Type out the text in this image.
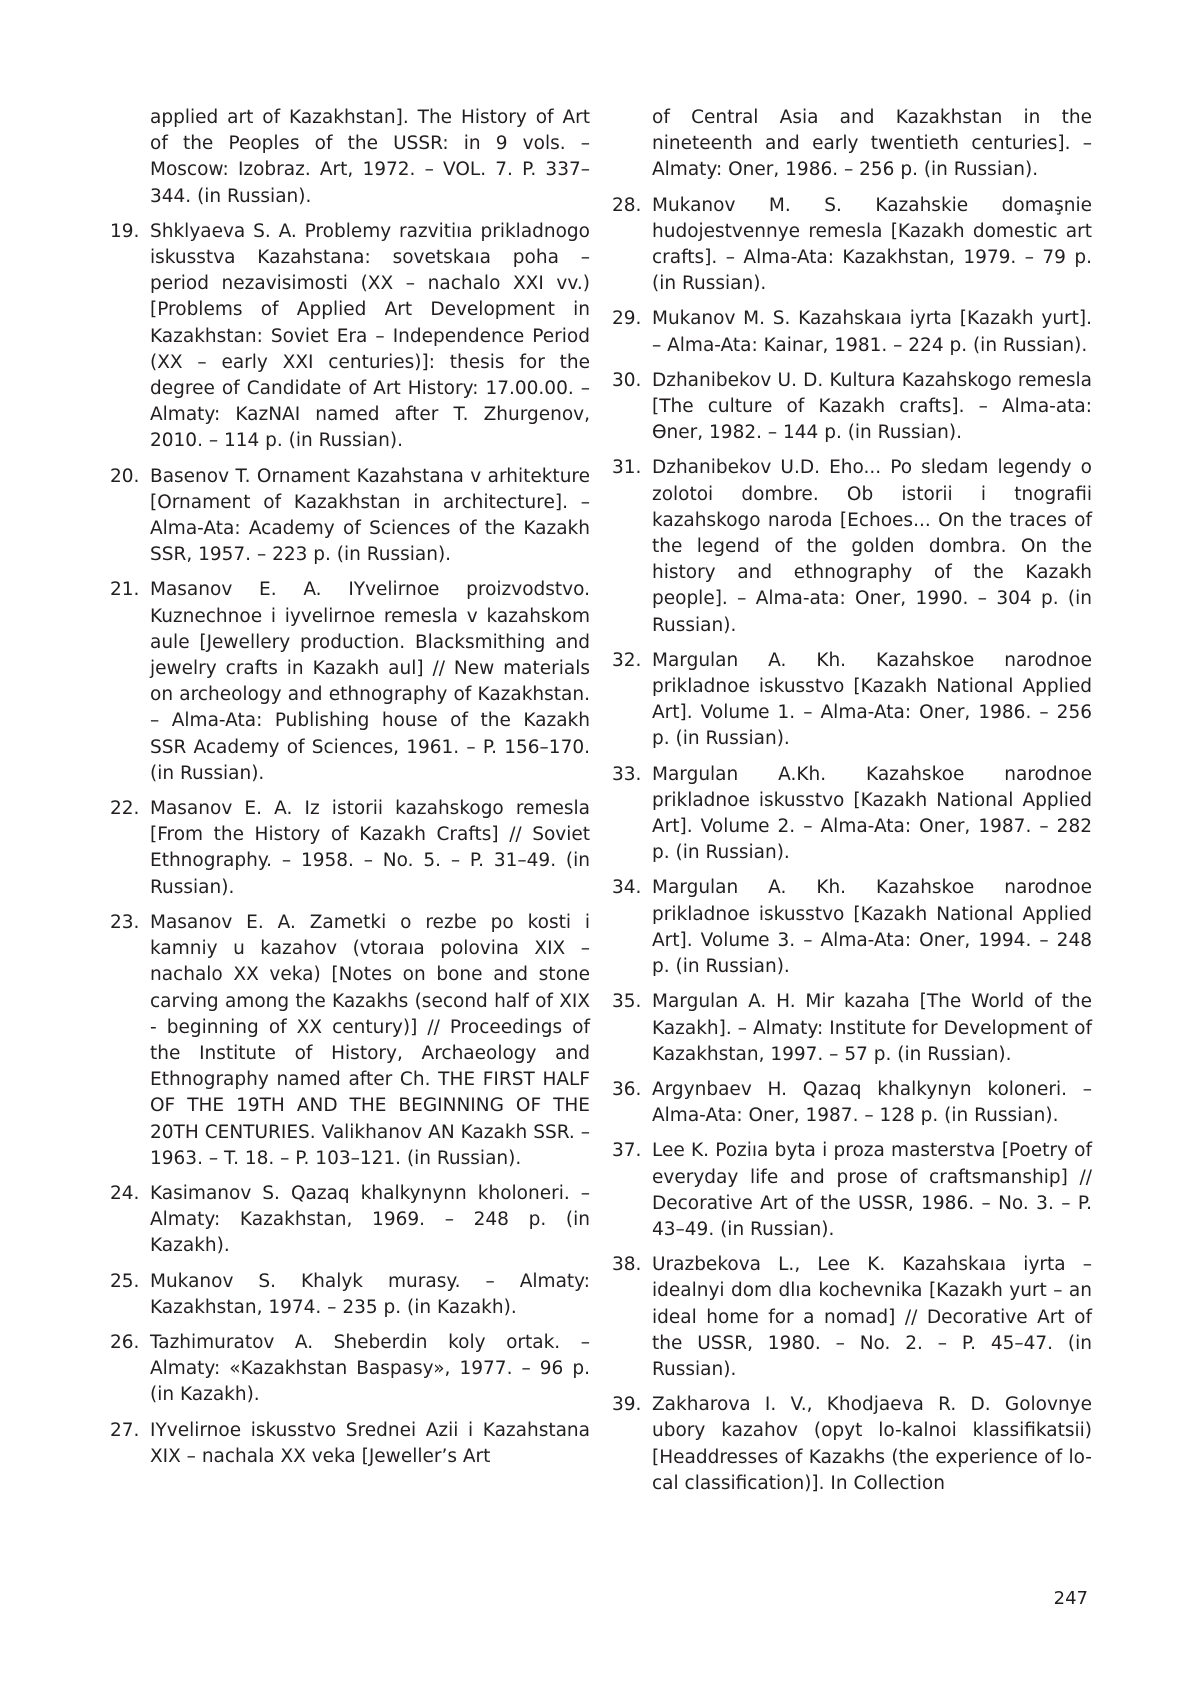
applied art of Kazakhstan]. The History of Art of the Peoples of the USSR: in 9 vols. – Moscow: Izobraz. Art, 1972. – VOL. 7. P. 337–344. (in Russian).
19. Shklyaeva S. A. Problemy razvitiıa prikladnogo iskusstva Kazahstana: sovetskaıa poha – period nezavisimosti (XX – nachalo XXI vv.) [Problems of Applied Art Development in Kazakhstan: Soviet Era – Independence Period (XX – early XXI centuries)]: thesis for the degree of Candidate of Art History: 17.00.00. – Almaty: KazNAI named after T. Zhurgenov, 2010. – 114 p. (in Russian).
20. Basenov T. Ornament Kazahstana v arhitekture [Ornament of Kazakhstan in architecture]. – Alma-Ata: Academy of Sciences of the Kazakh SSR, 1957. – 223 p. (in Russian).
21. Masanov E. A. IYvelirnoe proizvodstvo. Kuznechnoe i iyvelirnoe remesla v kazahskom aule [Jewellery production. Blacksmithing and jewelry crafts in Kazakh aul] // New materials on archeology and ethnography of Kazakhstan. – Alma-Ata: Publishing house of the Kazakh SSR Academy of Sciences, 1961. – P. 156–170. (in Russian).
22. Masanov E. A. Iz istorii kazahskogo remesla [From the History of Kazakh Crafts] // Soviet Ethnography. – 1958. – No. 5. – P. 31–49. (in Russian).
23. Masanov E. A. Zametki o rezbe po kosti i kamniy u kazahov (vtoraıa polovina XIX – nachalo XX veka) [Notes on bone and stone carving among the Kazakhs (second half of XIX - beginning of XX century)] // Proceedings of the Institute of History, Archaeology and Ethnography named after Ch. THE FIRST HALF OF THE 19TH AND THE BEGINNING OF THE 20TH CENTURIES. Valikhanov AN Kazakh SSR. – 1963. – T. 18. – P. 103–121. (in Russian).
24. Kasimanov S. Qazaq khalkynynn kholoneri. – Almaty: Kazakhstan, 1969. – 248 p. (in Kazakh).
25. Mukanov S. Khalyk murasy. – Almaty: Kazakhstan, 1974. – 235 p. (in Kazakh).
26. Tazhimuratov A. Sheberdin koly ortak. – Almaty: «Kazakhstan Baspasy», 1977. – 96 p. (in Kazakh).
27. IYvelirnoe iskusstvo Srednei Azii i Kazahstana XIX – nachala XX veka [Jeweller’s Art
of Central Asia and Kazakhstan in the nineteenth and early twentieth centuries]. – Almaty: Oner, 1986. – 256 p. (in Russian).
28. Mukanov M. S. Kazahskie domaşnie hudojestvennye remesla [Kazakh domestic art crafts]. – Alma-Ata: Kazakhstan, 1979. – 79 p. (in Russian).
29. Mukanov M. S. Kazahskaıa iyrta [Kazakh yurt]. – Alma-Ata: Kainar, 1981. – 224 p. (in Russian).
30. Dzhanibekov U. D. Kultura Kazahskogo remesla [The culture of Kazakh crafts]. – Alma-ata: Өner, 1982. – 144 p. (in Russian).
31. Dzhanibekov U.D. Eho... Po sledam legendy o zolotoi dombre. Ob istorii i tnografii kazahskogo naroda [Echoes... On the traces of the legend of the golden dombra. On the history and ethnography of the Kazakh people]. – Alma-ata: Oner, 1990. – 304 p. (in Russian).
32. Margulan A. Kh. Kazahskoe narodnoe prikladnoe iskusstvo [Kazakh National Applied Art]. Volume 1. – Alma-Ata: Oner, 1986. – 256 p. (in Russian).
33. Margulan A.Kh. Kazahskoe narodnoe prikladnoe iskusstvo [Kazakh National Applied Art]. Volume 2. – Alma-Ata: Oner, 1987. – 282 p. (in Russian).
34. Margulan A. Kh. Kazahskoe narodnoe prikladnoe iskusstvo [Kazakh National Applied Art]. Volume 3. – Alma-Ata: Oner, 1994. – 248 p. (in Russian).
35. Margulan A. H. Mir kazaha [The World of the Kazakh]. – Almaty: Institute for Development of Kazakhstan, 1997. – 57 p. (in Russian).
36. Argynbaev H. Qazaq khalkynyn koloneri. – Alma-Ata: Oner, 1987. – 128 p. (in Russian).
37. Lee K. Poziıa byta i proza masterstva [Poetry of everyday life and prose of craftsmanship] // Decorative Art of the USSR, 1986. – No. 3. – P. 43–49. (in Russian).
38. Urazbekova L., Lee K. Kazahskaıa iyrta – idealnyi dom dlıa kochevnika [Kazakh yurt – an ideal home for a nomad] // Decorative Art of the USSR, 1980. – No. 2. – P. 45–47. (in Russian).
39. Zakharova I. V., Khodjaeva R. D. Golovnye ubory kazahov (opyt lo-kalnoi klassifikatsii) [Headdresses of Kazakhs (the experience of lo-cal classification)]. In Collection
247
